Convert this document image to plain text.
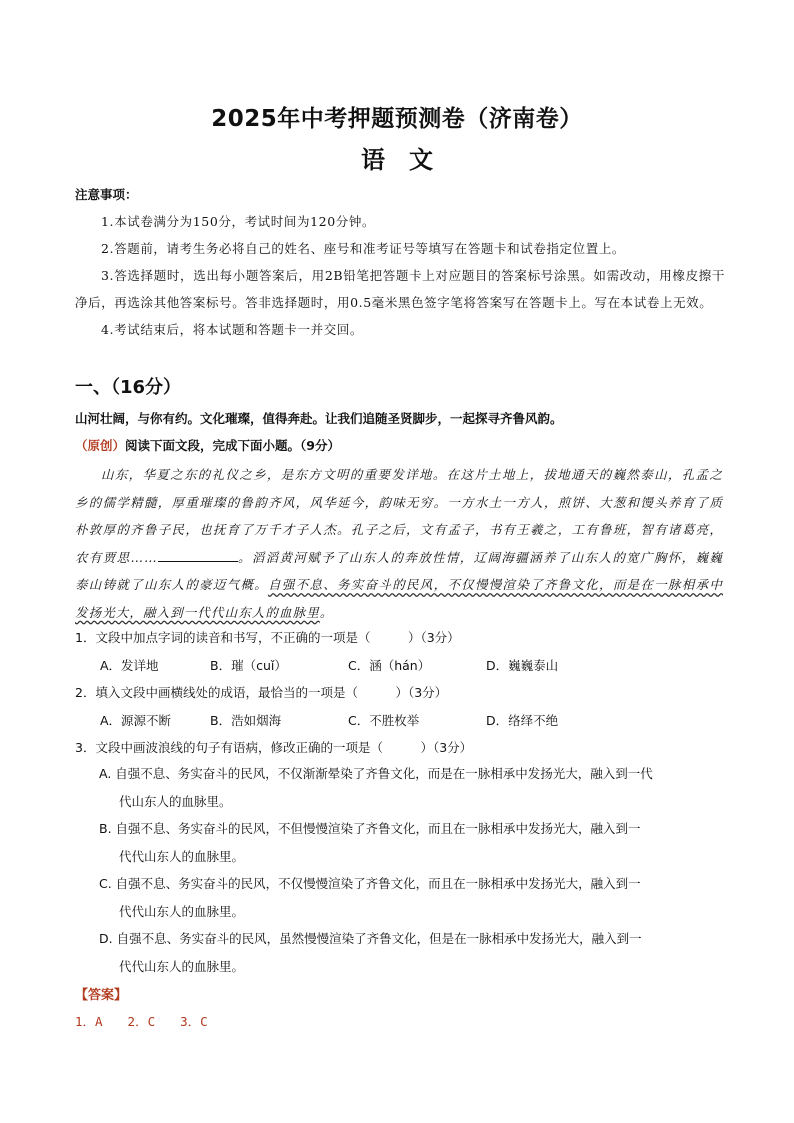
2025年中考押题预测卷（济南卷）
语　文
注意事项：

1.本试卷满分为150分，考试时间为120分钟。

2.答题前，请考生务必将自己的姓名、座号和准考证号等填写在答题卡和试卷指定位置上。

3.答选择题时，选出每小题答案后，用2B铅笔把答题卡上对应题目的答案标号涂黑。如需改动，用橡皮擦干净后，再选涂其他答案标号。答非选择题时，用0.5毫米黑色签字笔将答案写在答题卡上。写在本试卷上无效。

4.考试结束后，将本试题和答题卡一并交回。

一、（16分）
山河壮阔，与你有约。文化璀璨，值得奔赴。让我们追随圣贤脚步，一起探寻齐鲁风韵。
（原创）阅读下面文段，完成下面小题。（9分）
山东，华夏之东的礼仪之乡，是东方文明的重要发详地。在这片土地上，拔地通天的巍然泰山，孔孟之乡的儒学精髓，厚重璀璨的鲁韵齐风，风华延今，韵味无穷。一方水土一方人，煎饼、大葱和馒头养育了质朴敦厚的齐鲁子民，也抚育了万千才子人杰。孔子之后，文有孟子，书有王羲之，工有鲁班，智有诸葛亮，农有贾思……	。滔滔黄河赋予了山东人的奔放性情，辽阔海疆涵养了山东人的宽广胸怀，巍巍泰山铸就了山东人的豪迈气概。自强不息、务实奋斗的民风，不仅慢慢渲染了齐鲁文化，而是在一脉相承中发扬光大，融入到一代代山东人的血脉里。
1．文段中加点字词的读音和书写，不正确的一项是（　　　）（3分）
A．发详地	B．璀（cuǐ）	C．涵（hán）	D．巍巍泰山
2．填入文段中画横线处的成语，最恰当的一项是（　　　）（3分）
A．源源不断	B．浩如烟海	C．不胜枚举	D．络绎不绝
3．文段中画波浪线的句子有语病，修改正确的一项是（　　　）（3分）
A. 自强不息、务实奋斗的民风，不仅渐渐晕染了齐鲁文化，而是在一脉相承中发扬光大，融入到一代
代山东人的血脉里。
B. 自强不息、务实奋斗的民风，不但慢慢渲染了齐鲁文化，而且在一脉相承中发扬光大，融入到一
代代山东人的血脉里。
C. 自强不息、务实奋斗的民风，不仅慢慢渲染了齐鲁文化，而且在一脉相承中发扬光大，融入到一
代代山东人的血脉里。
D. 自强不息、务实奋斗的民风，虽然慢慢渲染了齐鲁文化，但是在一脉相承中发扬光大，融入到一
代代山东人的血脉里。
【答案】
1．A　　2．C　　3．C
